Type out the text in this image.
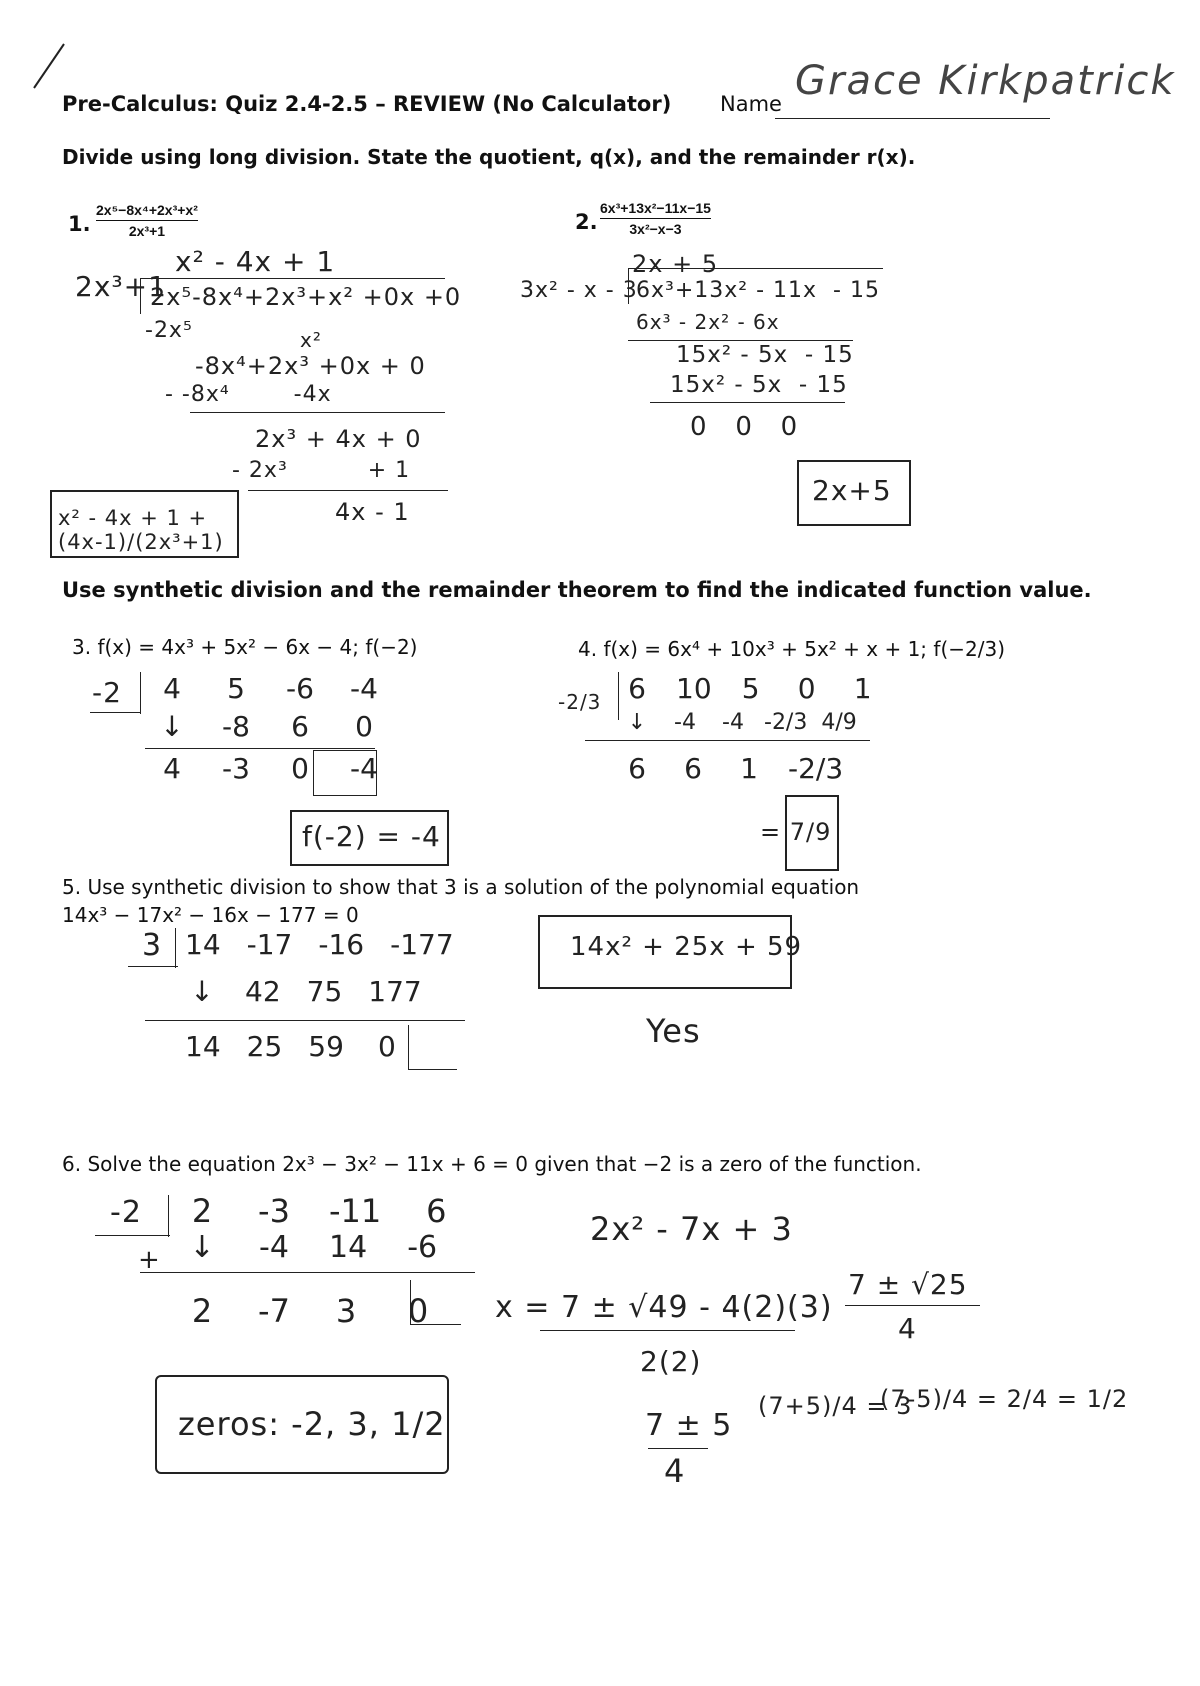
Pre-Calculus: Quiz 2.4-2.5 – REVIEW (No Calculator) Name Grace Kirkpatrick
Divide using long division. State the quotient, q(x), and the remainder r(x).
1.
2x⁵−8x⁴+2x³+x²
2x³+1
x² - 4x + 1
2x³+1
2x⁵-8x⁴+2x³+x² +0x +0
-2x⁵	x²
-8x⁴+2x³ +0x + 0
- -8x⁴        -4x
2x³ + 4x + 0
- 2x³          + 1
4x - 1
x² - 4x + 1 + (4x-1)/(2x³+1)
2.
6x³+13x²−11x−15
3x²−x−3
2x + 5
3x² - x - 3
6x³+13x² - 11x  - 15
6x³ - 2x² - 6x
15x² - 5x  - 15
15x² - 5x  - 15
0   0   0
2x+5
Use synthetic division and the remainder theorem to find the indicated function value.
3. f(x) = 4x³ + 5x² − 6x − 4; f(−2)
-2 4 5 -6 -4
↓ -8 6 0
4 -3 0 -4
f(-2) = -4
4. f(x) = 6x⁴ + 10x³ + 5x² + x + 1; f(−2/3)
-2/3 6 10 5 0 1
↓	-4 -4 -2/3 4/9
6 6 1 -2/3
= 7/9
5. Use synthetic division to show that 3 is a solution of the polynomial equation
14x³ − 17x² − 16x − 177 = 0
3 14 -17 -16 -177
↓ 42 75 177
14 25 59 0
14x² + 25x + 59
Yes
6. Solve the equation 2x³ − 3x² − 11x + 6 = 0 given that −2 is a zero of the function.
-2 2 -3 -11 6
+ ↓ -4 14 -6
2 -7 3 0
2x² - 7x + 3
x = 7 ± √49 - 4(2)(3)
2(2)
7 ± √25
4
7 ± 5
4
(7+5)/4 = 3
(7-5)/4 = 2/4 = 1/2
zeros: -2, 3, 1/2
